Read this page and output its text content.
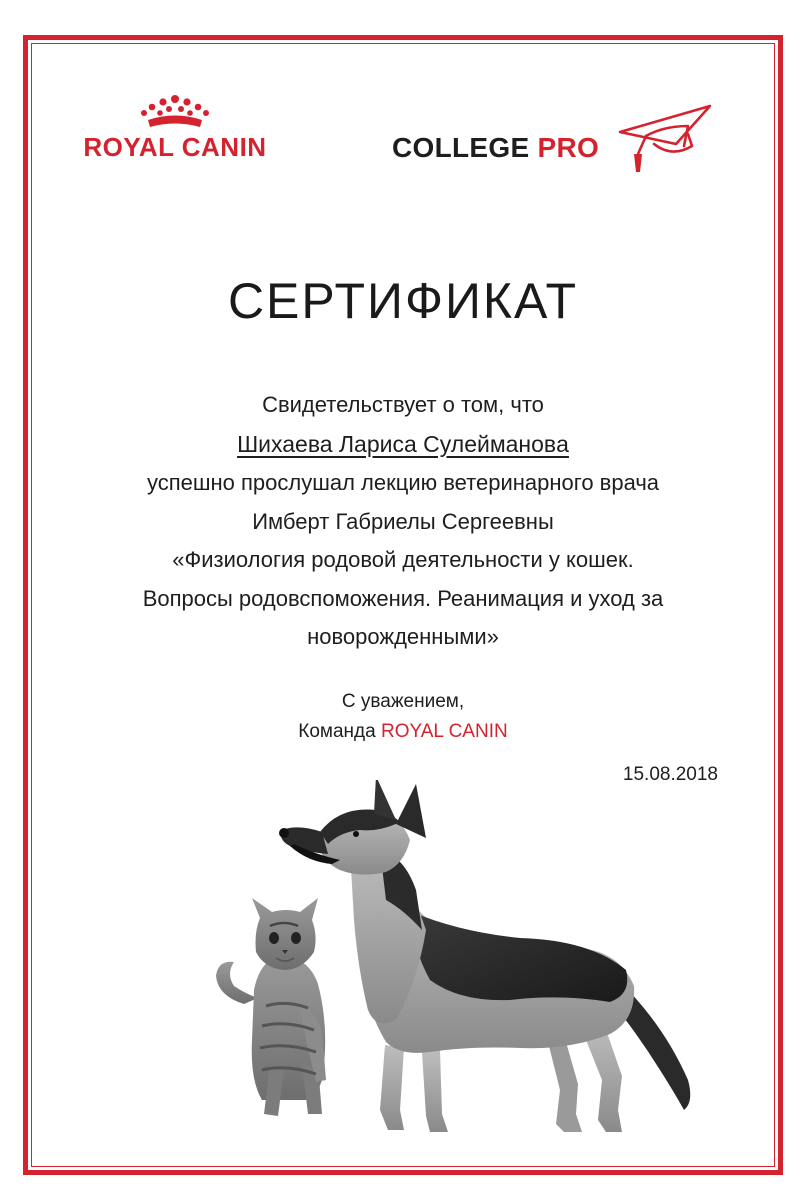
ROYAL CANIN	COLLEGE PRO
СЕРТИФИКАТ
Свидетельствует о том, что
Шихаева Лариса Сулеймановa
успешно прослушал лекцию ветеринарного врача
Имберт Габриелы Сергеевны
«Физиология родовой деятельности у кошек.
Вопросы родовспоможения. Реанимация и уход за
новорожденными»
С уважением,
Команда ROYAL CANIN
15.08.2018
